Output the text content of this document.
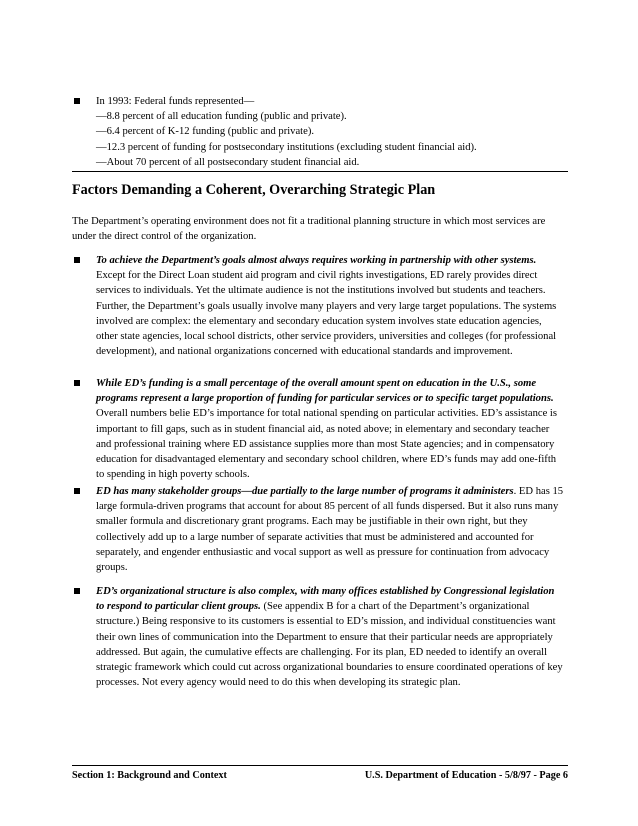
In 1993: Federal funds represented—
—8.8 percent of all education funding (public and private).
—6.4 percent of K-12 funding (public and private).
—12.3 percent of funding for postsecondary institutions (excluding student financial aid).
—About 70 percent of all postsecondary student financial aid.
Factors Demanding a Coherent, Overarching Strategic Plan
The Department’s operating environment does not fit a traditional planning structure in which most services are under the direct control of the organization.
To achieve the Department’s goals almost always requires working in partnership with other systems. Except for the Direct Loan student aid program and civil rights investigations, ED rarely provides direct services to individuals. Yet the ultimate audience is not the institutions involved but students and teachers. Further, the Department’s goals usually involve many players and very large target populations. The systems involved are complex: the elementary and secondary education system involves state education agencies, other state agencies, local school districts, other service providers, universities and colleges (for professional development), and national organizations concerned with educational standards and improvement.
While ED’s funding is a small percentage of the overall amount spent on education in the U.S., some programs represent a large proportion of funding for particular services or to specific target populations. Overall numbers belie ED’s importance for total national spending on particular activities. ED’s assistance is important to fill gaps, such as in student financial aid, as noted above; in elementary and secondary teacher and professional training where ED assistance supplies more than most State agencies; and in compensatory education for disadvantaged elementary and secondary school children, where ED’s funds may add one-fifth to spending in high poverty schools.
ED has many stakeholder groups—due partially to the large number of programs it administers. ED has 15 large formula-driven programs that account for about 85 percent of all funds dispersed. But it also runs many smaller formula and discretionary grant programs. Each may be justifiable in their own right, but they collectively add up to a large number of separate activities that must be administered and accounted for separately, and engender enthusiastic and vocal support as well as pressure for continuation from advocacy groups.
ED’s organizational structure is also complex, with many offices established by Congressional legislation to respond to particular client groups. (See appendix B for a chart of the Department’s organizational structure.) Being responsive to its customers is essential to ED’s mission, and individual constituencies want their own lines of communication into the Department to ensure that their particular needs are appropriately addressed. But again, the cumulative effects are challenging. For its plan, ED needed to identify an overall strategic framework which could cut across organizational boundaries to ensure coordinated operations of key processes. Not every agency would need to do this when developing its strategic plan.
Section 1: Background and Context	U.S. Department of Education - 5/8/97 - Page 6
